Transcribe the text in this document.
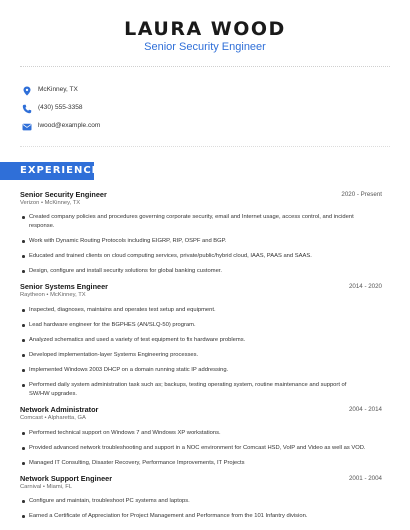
LAURA WOOD
Senior Security Engineer
McKinney, TX
(430) 555-3358
lwood@example.com
EXPERIENCE
Senior Security Engineer	2020 - Present
Verizon • McKinney, TX
Created company policies and procedures governing corporate security, email and Internet usage, access control, and incident response.
Work with Dynamic Routing Protocols including EIGRP, RIP, OSPF and BGP.
Educated and trained clients on cloud computing services, private/public/hybrid cloud, IAAS, PAAS and SAAS.
Design, configure and install security solutions for global banking customer.
Senior Systems Engineer	2014 - 2020
Raytheon • McKinney, TX
Inspected, diagnoses, maintains and operates test setup and equipment.
Lead hardware engineer for the BGPHES (AN/SLQ-50) program.
Analyzed schematics and used a variety of test equipment to fix hardware problems.
Developed implementation-layer Systems Engineering processes.
Implemented Windows 2003 DHCP on a domain running static IP addressing.
Performed daily system administration task such as; backups, testing operating system, routine maintenance and support of SW/HW upgrades.
Network Administrator	2004 - 2014
Comcast • Alpharetta, GA
Performed technical support on Windows 7 and Windows XP workstations.
Provided advanced network troubleshooting and support in a NOC environment for Comcast HSD, VoIP and Video as well as VOD.
Managed IT Consulting, Disaster Recovery, Performance Improvements, IT Projects
Network Support Engineer	2001 - 2004
Carnival • Miami, FL
Configure and maintain, troubleshoot PC systems and laptops.
Earned a Certificate of Appreciation for Project Management and Performance from the 101 Infantry division.
